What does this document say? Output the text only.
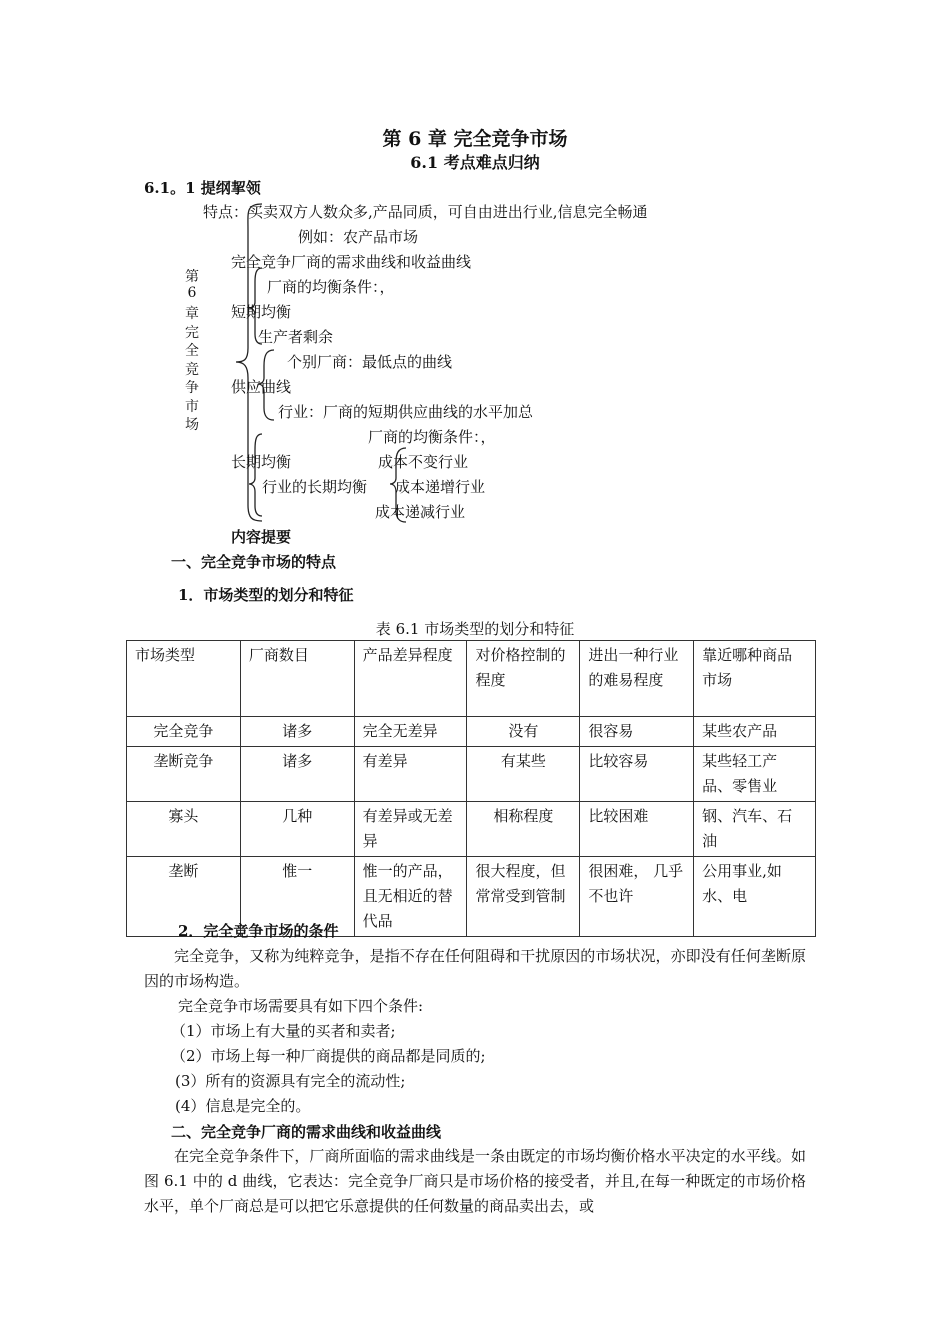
第 6 章 完全竞争市场
6.1 考点难点归纳
6.1。1 提纲挈领
第
6
章
完
全
竞
争
市
场
特点：买卖双方人数众多,产品同质，可自由进出行业,信息完全畅通
例如：农产品市场
完全竞争厂商的需求曲线和收益曲线
厂商的均衡条件：，
短期均衡
生产者剩余
个别厂商：最低点的曲线
供应曲线
行业：厂商的短期供应曲线的水平加总
厂商的均衡条件：，
长期均衡	成本不变行业
行业的长期均衡 成本递增行业
成本递减行业
内容提要
一、完全竞争市场的特点
1．市场类型的划分和特征
表 6.1 市场类型的划分和特征
市场类型	厂商数目	产品差异程度	对价格控制的程度	进出一种行业的难易程度	靠近哪种商品市场
完全竞争	诸多	完全无差异	没有	很容易	某些农产品
垄断竞争	诸多	有差异	有某些	比较容易	某些轻工产品、零售业
寡头	几种	有差异或无差异	相称程度	比较困难	钢、汽车、石油
垄断	惟一	惟一的产品，且无相近的替代品	很大程度，但常常受到管制	很困难， 几乎不也许	公用事业,如水、电
2．完全竞争市场的条件
完全竞争，又称为纯粹竞争，是指不存在任何阻碍和干扰原因的市场状况，亦即没有任何垄断原因的市场构造。
完全竞争市场需要具有如下四个条件:
（1）市场上有大量的买者和卖者;
（2）市场上每一种厂商提供的商品都是同质的;
(3）所有的资源具有完全的流动性;
(4）信息是完全的。
二、完全竞争厂商的需求曲线和收益曲线
在完全竞争条件下，厂商所面临的需求曲线是一条由既定的市场均衡价格水平决定的水平线。如图 6.1 中的 d 曲线，它表达：完全竞争厂商只是市场价格的接受者，并且,在每一种既定的市场价格水平，单个厂商总是可以把它乐意提供的任何数量的商品卖出去，或
